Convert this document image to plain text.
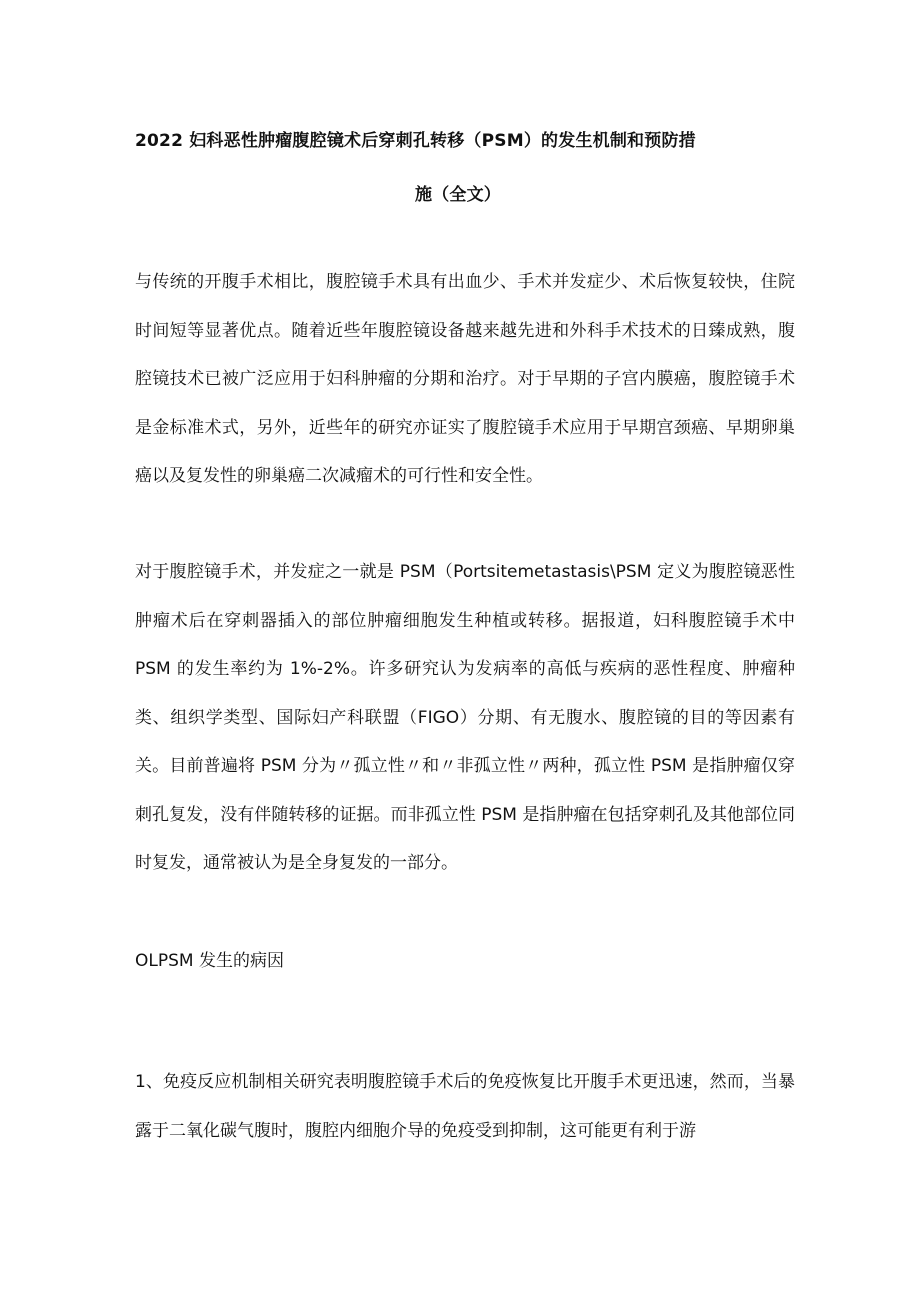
2022 妇科恶性肿瘤腹腔镜术后穿刺孔转移（PSM）的发生机制和预防措
施（全文）

与传统的开腹手术相比，腹腔镜手术具有出血少、手术并发症少、术后恢复较快，住院时间短等显著优点。随着近些年腹腔镜设备越来越先进和外科手术技术的日臻成熟，腹腔镜技术已被广泛应用于妇科肿瘤的分期和治疗。对于早期的子宫内膜癌，腹腔镜手术是金标准术式，另外，近些年的研究亦证实了腹腔镜手术应用于早期宫颈癌、早期卵巢癌以及复发性的卵巢癌二次减瘤术的可行性和安全性。

对于腹腔镜手术，并发症之一就是 PSM（Portsitemetastasis\PSM 定义为腹腔镜恶性肿瘤术后在穿刺器插入的部位肿瘤细胞发生种植或转移。据报道，妇科腹腔镜手术中 PSM 的发生率约为 1%-2%。许多研究认为发病率的高低与疾病的恶性程度、肿瘤种类、组织学类型、国际妇产科联盟（FIGO）分期、有无腹水、腹腔镜的目的等因素有关。目前普遍将 PSM 分为〃孤立性〃和〃非孤立性〃两种，孤立性 PSM 是指肿瘤仅穿刺孔复发，没有伴随转移的证据。而非孤立性 PSM 是指肿瘤在包括穿刺孔及其他部位同时复发，通常被认为是全身复发的一部分。

OLPSM 发生的病因

1、免疫反应机制相关研究表明腹腔镜手术后的免疫恢复比开腹手术更迅速，然而，当暴露于二氧化碳气腹时，腹腔内细胞介导的免疫受到抑制，这可能更有利于游
